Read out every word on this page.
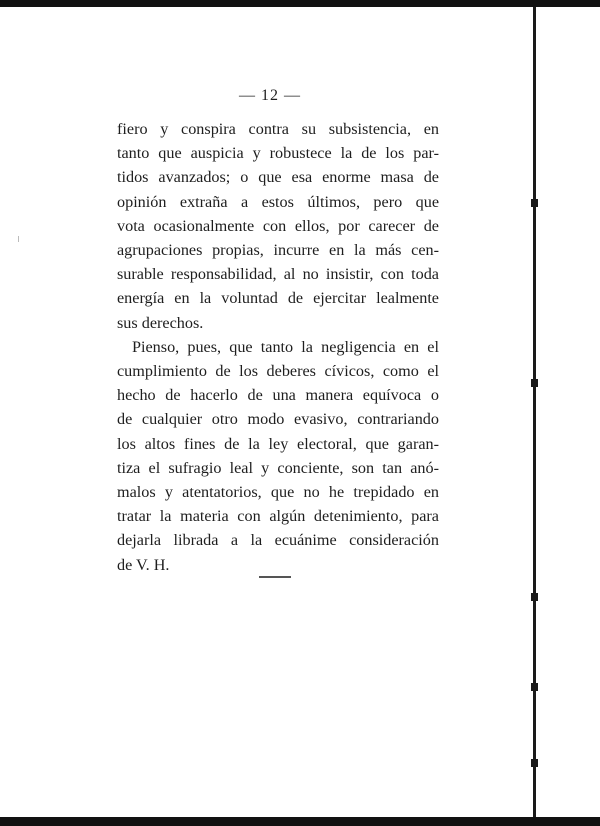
— 12 —
fiero y conspira contra su subsistencia, en
tanto que auspicia y robustece la de los par-
tidos avanzados; o que esa enorme masa de
opinión extraña a estos últimos, pero que
vota ocasionalmente con ellos, por carecer de
agrupaciones propias, incurre en la más cen-
surable responsabilidad, al no insistir, con toda
energía en la voluntad de ejercitar lealmente
sus derechos.
Pienso, pues, que tanto la negligencia en el
cumplimiento de los deberes cívicos, como el
hecho de hacerlo de una manera equívoca o
de cualquier otro modo evasivo, contrariando
los altos fines de la ley electoral, que garan-
tiza el sufragio leal y conciente, son tan anó-
malos y atentatorios, que no he trepidado en
tratar la materia con algún detenimiento, para
dejarla librada a la ecuánime consideración
de V. H.
